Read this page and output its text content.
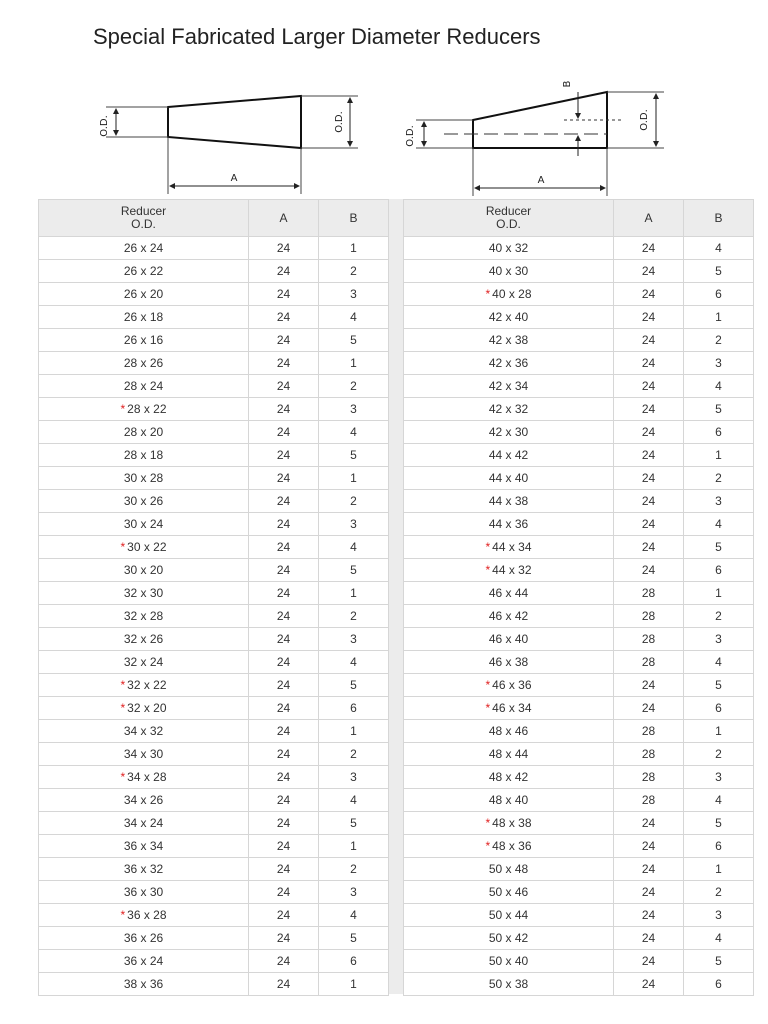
Special Fabricated Larger Diameter Reducers
O.D.	O.D.
A
O.D.
B
O.D.
A
Reducer
O.D.	A	B
26 x 24	24	1
26 x 22	24	2
26 x 20	24	3
26 x 18	24	4
26 x 16	24	5
28 x 26	24	1
28 x 24	24	2
* 28 x 22	24	3
28 x 20	24	4
28 x 18	24	5
30 x 28	24	1
30 x 26	24	2
30 x 24	24	3
* 30 x 22	24	4
30 x 20	24	5
32 x 30	24	1
32 x 28	24	2
32 x 26	24	3
32 x 24	24	4
* 32 x 22	24	5
* 32 x 20	24	6
34 x 32	24	1
34 x 30	24	2
* 34 x 28	24	3
34 x 26	24	4
34 x 24	24	5
36 x 34	24	1
36 x 32	24	2
36 x 30	24	3
* 36 x 28	24	4
36 x 26	24	5
36 x 24	24	6
38 x 36	24	1
Reducer
O.D.	A	B
40 x 32	24	4
40 x 30	24	5
* 40 x 28	24	6
42 x 40	24	1
42 x 38	24	2
42 x 36	24	3
42 x 34	24	4
42 x 32	24	5
42 x 30	24	6
44 x 42	24	1
44 x 40	24	2
44 x 38	24	3
44 x 36	24	4
* 44 x 34	24	5
* 44 x 32	24	6
46 x 44	28	1
46 x 42	28	2
46 x 40	28	3
46 x 38	28	4
* 46 x 36	24	5
* 46 x 34	24	6
48 x 46	28	1
48 x 44	28	2
48 x 42	28	3
48 x 40	28	4
* 48 x 38	24	5
* 48 x 36	24	6
50 x 48	24	1
50 x 46	24	2
50 x 44	24	3
50 x 42	24	4
50 x 40	24	5
50 x 38	24	6
